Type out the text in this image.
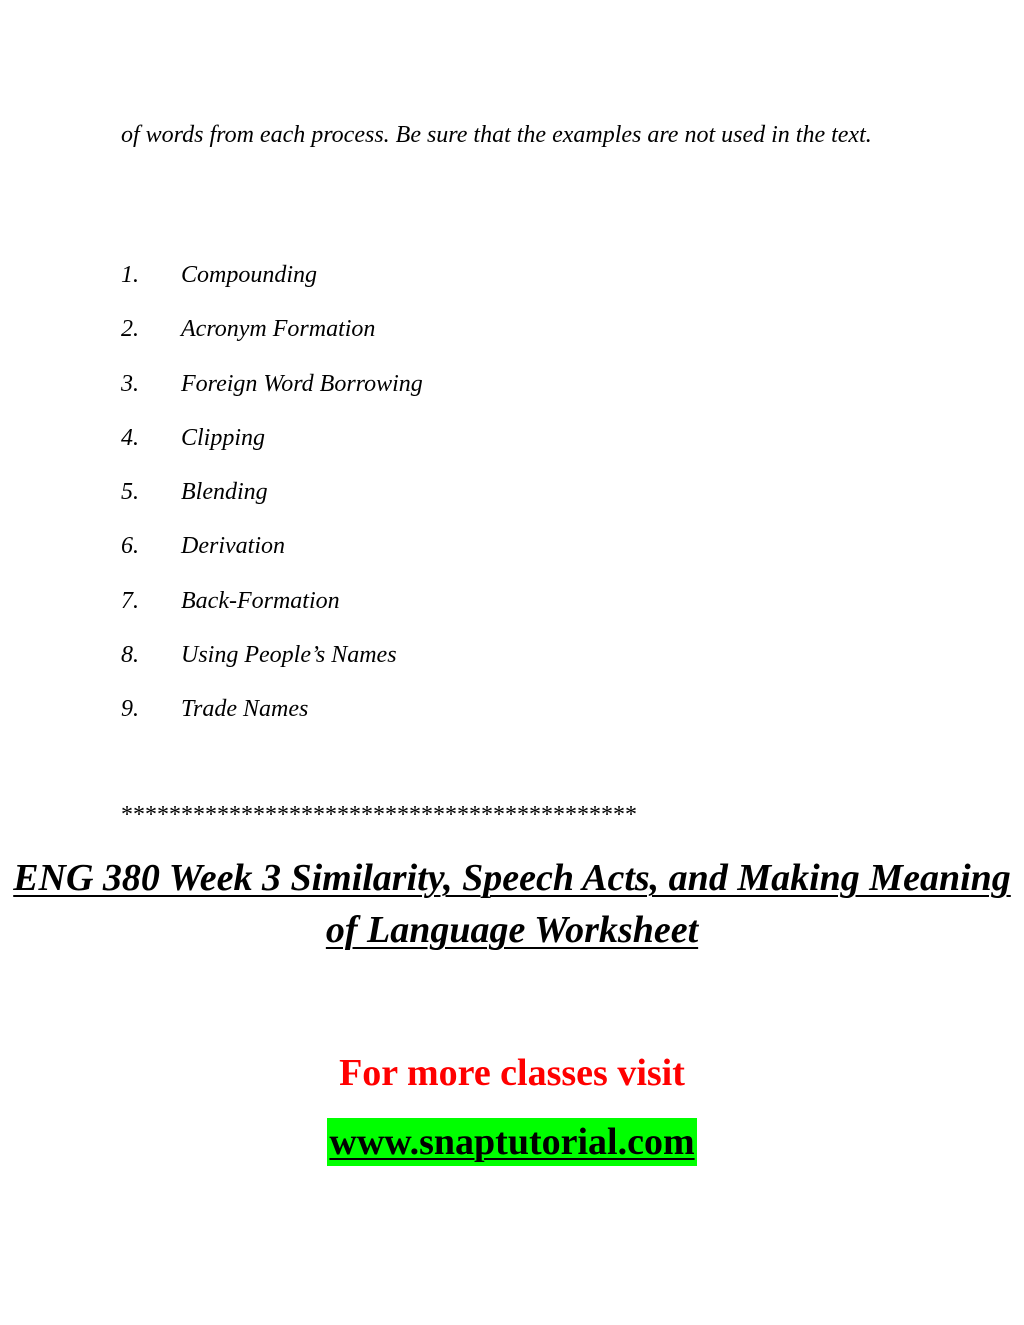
of words from each process. Be sure that the examples are not used in the text.

1.	Compounding
2.	Acronym Formation
3.	Foreign Word Borrowing
4.	Clipping
5.	Blending
6.	Derivation
7.	Back-Formation
8.	Using People’s Names
9.	Trade Names
*******************************************
ENG 380 Week 3 Similarity, Speech Acts, and Making Meaning of Language Worksheet
For more classes visit
www.snaptutorial.com
